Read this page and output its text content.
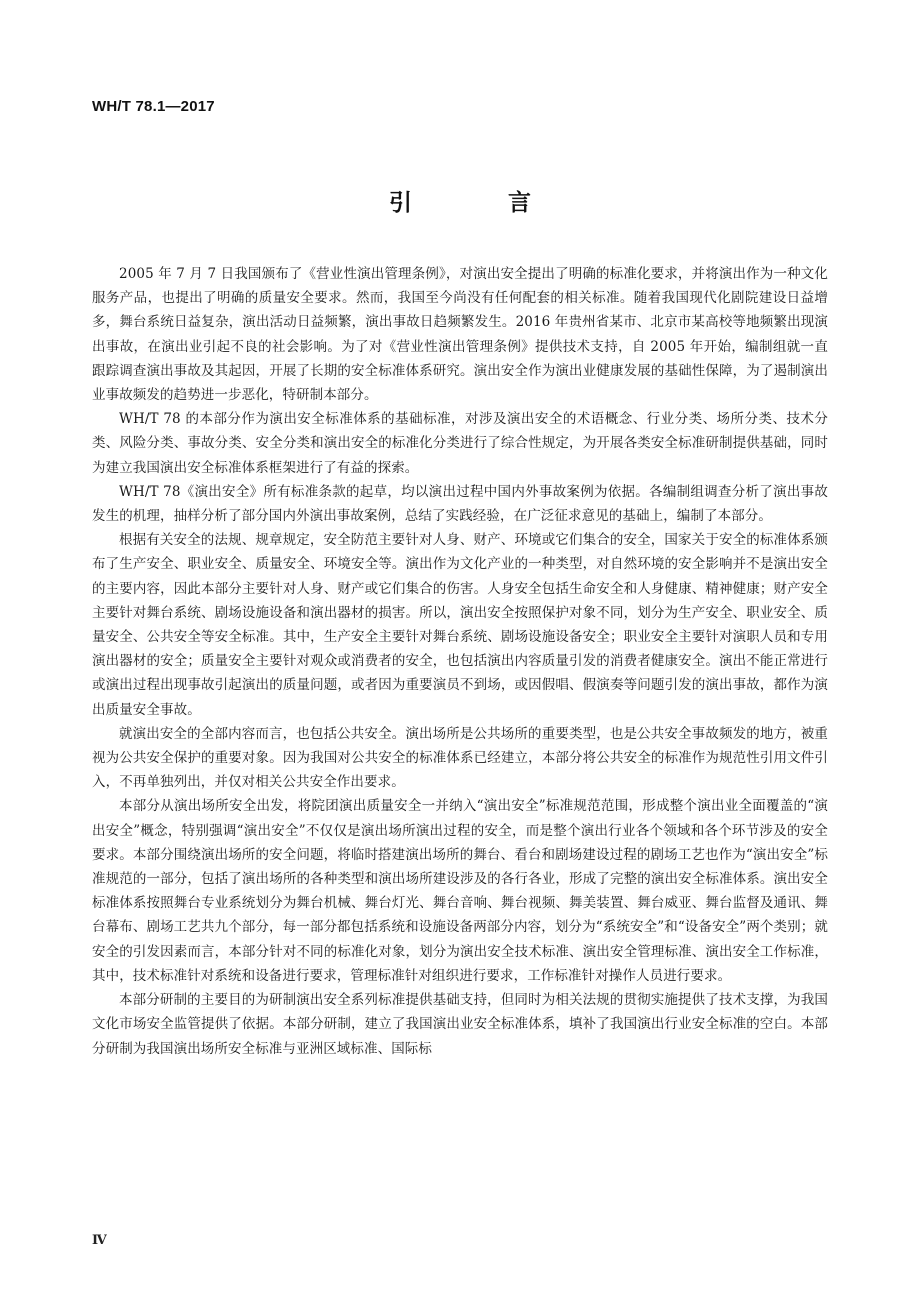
WH/T 78.1—2017
引 言

2005 年 7 月 7 日我国颁布了《营业性演出管理条例》，对演出安全提出了明确的标准化要求，并将演出作为一种文化服务产品，也提出了明确的质量安全要求。然而，我国至今尚没有任何配套的相关标准。随着我国现代化剧院建设日益增多，舞台系统日益复杂，演出活动日益频繁，演出事故日趋频繁发生。2016 年贵州省某市、北京市某高校等地频繁出现演出事故，在演出业引起不良的社会影响。为了对《营业性演出管理条例》提供技术支持，自 2005 年开始，编制组就一直跟踪调查演出事故及其起因，开展了长期的安全标准体系研究。演出安全作为演出业健康发展的基础性保障，为了遏制演出业事故频发的趋势进一步恶化，特研制本部分。

WH/T 78 的本部分作为演出安全标准体系的基础标准，对涉及演出安全的术语概念、行业分类、场所分类、技术分类、风险分类、事故分类、安全分类和演出安全的标准化分类进行了综合性规定，为开展各类安全标准研制提供基础，同时为建立我国演出安全标准体系框架进行了有益的探索。

WH/T 78《演出安全》所有标准条款的起草，均以演出过程中国内外事故案例为依据。各编制组调查分析了演出事故发生的机理，抽样分析了部分国内外演出事故案例，总结了实践经验，在广泛征求意见的基础上，编制了本部分。

根据有关安全的法规、规章规定，安全防范主要针对人身、财产、环境或它们集合的安全，国家关于安全的标准体系颁布了生产安全、职业安全、质量安全、环境安全等。演出作为文化产业的一种类型，对自然环境的安全影响并不是演出安全的主要内容，因此本部分主要针对人身、财产或它们集合的伤害。人身安全包括生命安全和人身健康、精神健康；财产安全主要针对舞台系统、剧场设施设备和演出器材的损害。所以，演出安全按照保护对象不同，划分为生产安全、职业安全、质量安全、公共安全等安全标准。其中，生产安全主要针对舞台系统、剧场设施设备安全；职业安全主要针对演职人员和专用演出器材的安全；质量安全主要针对观众或消费者的安全，也包括演出内容质量引发的消费者健康安全。演出不能正常进行或演出过程出现事故引起演出的质量问题，或者因为重要演员不到场，或因假唱、假演奏等问题引发的演出事故，都作为演出质量安全事故。

就演出安全的全部内容而言，也包括公共安全。演出场所是公共场所的重要类型，也是公共安全事故频发的地方，被重视为公共安全保护的重要对象。因为我国对公共安全的标准体系已经建立，本部分将公共安全的标准作为规范性引用文件引入，不再单独列出，并仅对相关公共安全作出要求。

本部分从演出场所安全出发，将院团演出质量安全一并纳入“演出安全”标准规范范围，形成整个演出业全面覆盖的“演出安全”概念，特别强调“演出安全”不仅仅是演出场所演出过程的安全，而是整个演出行业各个领域和各个环节涉及的安全要求。本部分围绕演出场所的安全问题，将临时搭建演出场所的舞台、看台和剧场建设过程的剧场工艺也作为“演出安全”标准规范的一部分，包括了演出场所的各种类型和演出场所建设涉及的各行各业，形成了完整的演出安全标准体系。演出安全标准体系按照舞台专业系统划分为舞台机械、舞台灯光、舞台音响、舞台视频、舞美装置、舞台威亚、舞台监督及通讯、舞台幕布、剧场工艺共九个部分，每一部分都包括系统和设施设备两部分内容，划分为“系统安全”和“设备安全”两个类别；就安全的引发因素而言，本部分针对不同的标准化对象，划分为演出安全技术标准、演出安全管理标准、演出安全工作标准，其中，技术标准针对系统和设备进行要求，管理标准针对组织进行要求，工作标准针对操作人员进行要求。

本部分研制的主要目的为研制演出安全系列标准提供基础支持，但同时为相关法规的贯彻实施提供了技术支撑，为我国文化市场安全监管提供了依据。本部分研制，建立了我国演出业安全标准体系，填补了我国演出行业安全标准的空白。本部分研制为我国演出场所安全标准与亚洲区域标准、国际标

Ⅳ
